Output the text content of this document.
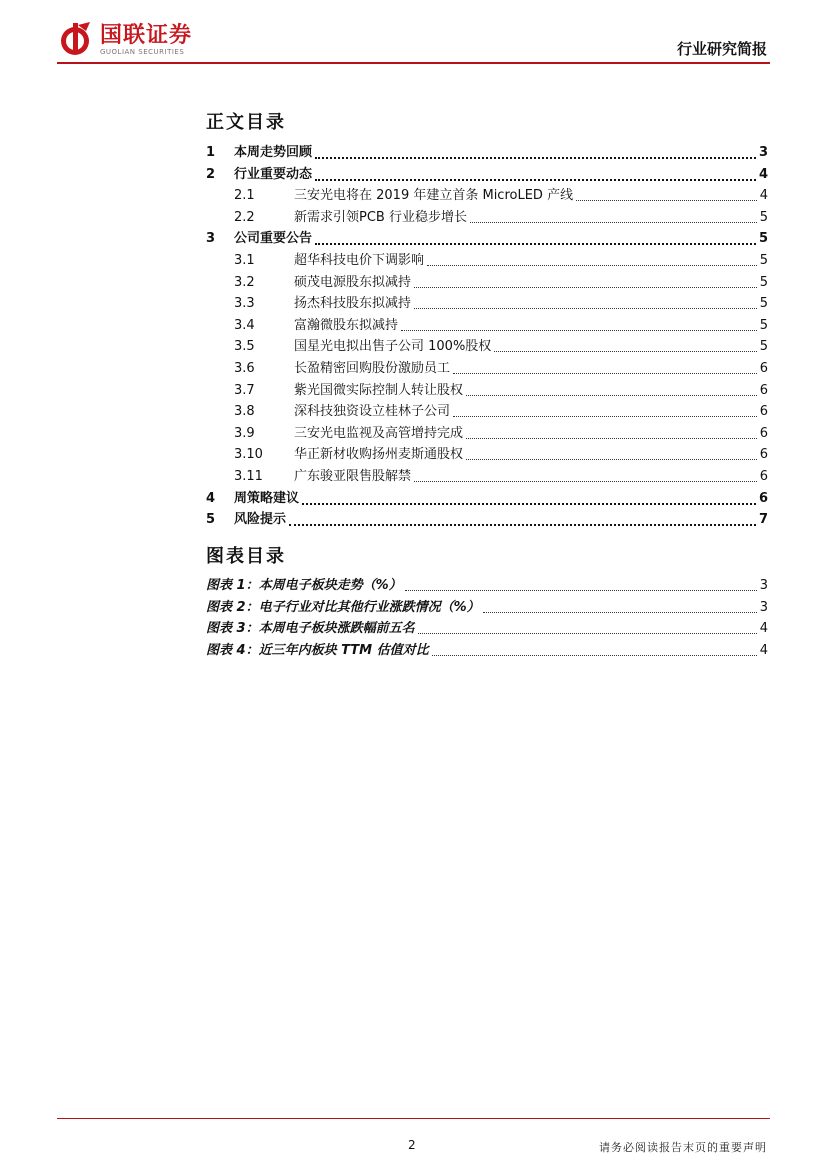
国联证券
GUOLIAN SECURITIES	行业研究简报
正文目录
1	本周走势回顾	3
2	行业重要动态	4
2.1	三安光电将在 2019 年建立首条 MicroLED 产线	4
2.2	新需求引领PCB 行业稳步增长	5
3	公司重要公告	5
3.1	超华科技电价下调影响	5
3.2	硕茂电源股东拟减持	5
3.3	扬杰科技股东拟减持	5
3.4	富瀚微股东拟减持	5
3.5	国星光电拟出售子公司 100%股权	5
3.6	长盈精密回购股份激励员工	6
3.7	紫光国微实际控制人转让股权	6
3.8	深科技独资设立桂林子公司	6
3.9	三安光电监视及高管增持完成	6
3.10	华正新材收购扬州麦斯通股权	6
3.11	广东骏亚限售股解禁	6
4	周策略建议	6
5	风险提示	7
图表目录
图表 1：本周电子板块走势（%）	3
图表 2：电子行业对比其他行业涨跌情况（%）	3
图表 3：本周电子板块涨跌幅前五名	4
图表 4：近三年内板块 TTM 估值对比	4
2	请务必阅读报告末页的重要声明
